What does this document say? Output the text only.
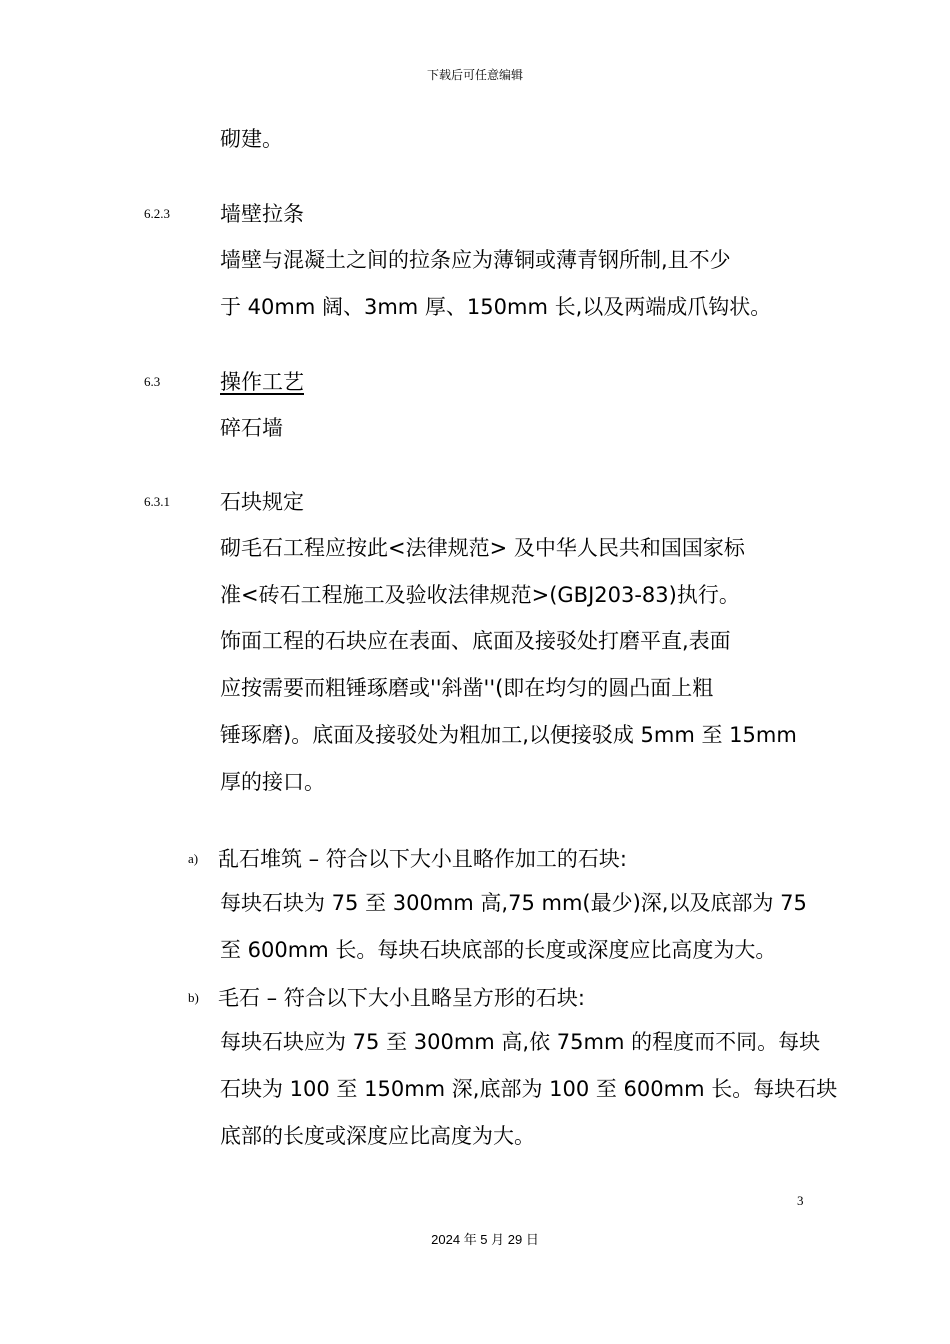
下载后可任意编辑
砌建。
6.2.3 墙壁拉条
墙壁与混凝土之间的拉条应为薄铜或薄青钢所制,且不少
于 40mm 阔、3mm 厚、150mm 长,以及两端成爪钩状。
6.3	操作工艺
碎石墙
6.3.1 石块规定
砌毛石工程应按此<法律规范> 及中华人民共和国国家标
准<砖石工程施工及验收法律规范>(GBJ203-83)执行。
饰面工程的石块应在表面、底面及接驳处打磨平直,表面
应按需要而粗锤琢磨或''斜凿''(即在均匀的圆凸面上粗
锤琢磨)。底面及接驳处为粗加工,以便接驳成 5mm 至 15mm
厚的接口。
a) 乱石堆筑 – 符合以下大小且略作加工的石块:
每块石块为 75 至 300mm 高,75 mm(最少)深,以及底部为 75
至 600mm 长。每块石块底部的长度或深度应比高度为大。
b) 毛石 – 符合以下大小且略呈方形的石块:
每块石块应为 75 至 300mm 高,依 75mm 的程度而不同。每块
石块为 100 至 150mm 深,底部为 100 至 600mm 长。每块石块
底部的长度或深度应比高度为大。
3
2024 年 5 月 29 日
